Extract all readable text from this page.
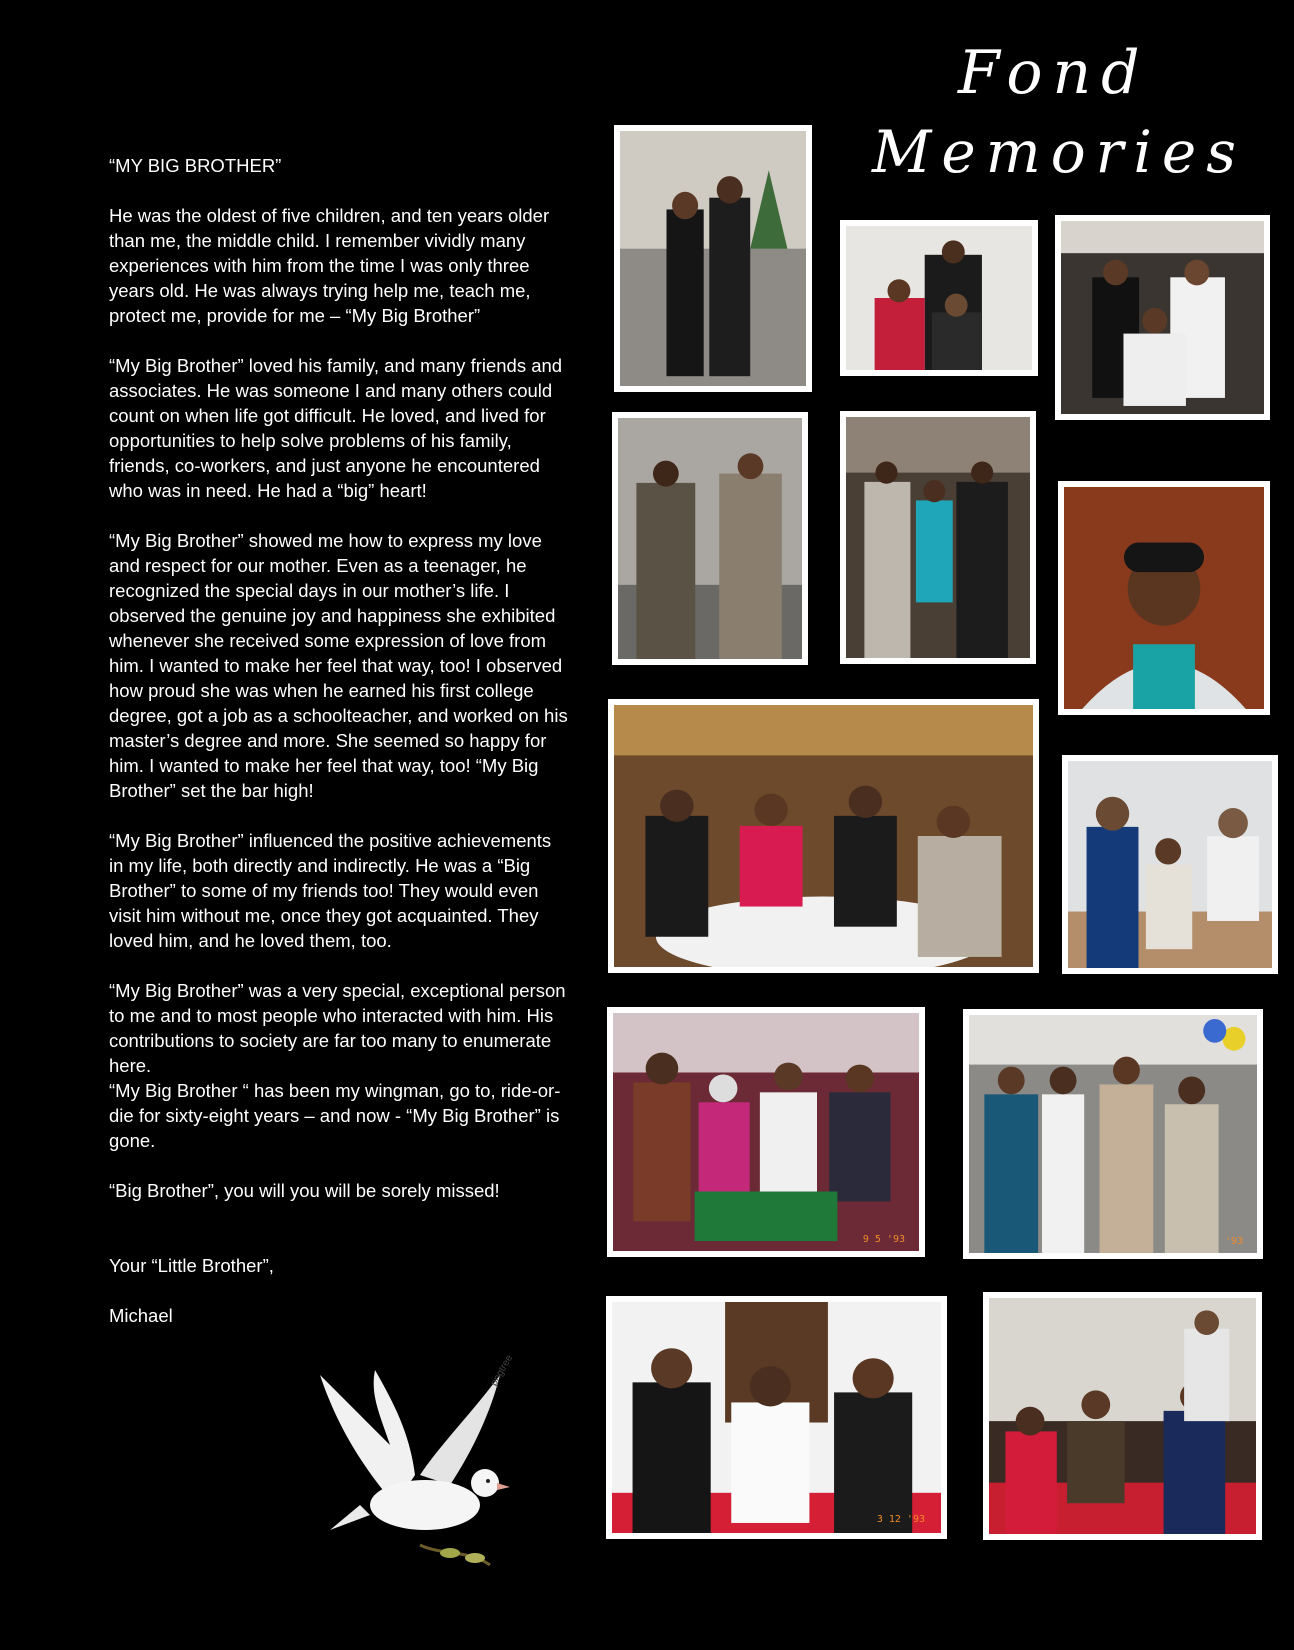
Fond
Memories

“MY BIG BROTHER”

He was the oldest of five children, and ten years older than me, the middle child. I remember vividly many experiences with him from the time I was only three years old. He was always trying help me, teach me, protect me, provide for me – “My Big Brother”

“My Big Brother” loved his family, and many friends and associates. He was someone I and many others could count on when life got difficult. He loved, and lived for opportunities to help solve problems of his family, friends, co-workers, and just anyone he encountered who was in need. He had a “big” heart!

“My Big Brother” showed me how to express my love and respect for our mother. Even as a teenager, he recognized the special days in our mother’s life. I observed the genuine joy and happiness she exhibited whenever she received some expression of love from him. I wanted to make her feel that way, too! I observed how proud she was when he earned his first college degree, got a job as a schoolteacher, and worked on his master’s degree and more. She seemed so happy for him. I wanted to make her feel that way, too! “My Big Brother” set the bar high!

“My Big Brother” influenced the positive achievements in my life, both directly and indirectly. He was a “Big Brother” to some of my friends too! They would even visit him without me, once they got acquainted. They loved him, and he loved them, too.

“My Big Brother” was a very special, exceptional person to me and to most people who interacted with him. His contributions to society are far too many to enumerate here.

“My Big Brother “ has been my wingman, go to, ride-or-die for sixty-eight years – and now - “My Big Brother” is gone.

“Big Brother”, you will you will be sorely missed!

Your “Little Brother”,

Michael

9 5 '93	'93
3 12 '93
pngtree
